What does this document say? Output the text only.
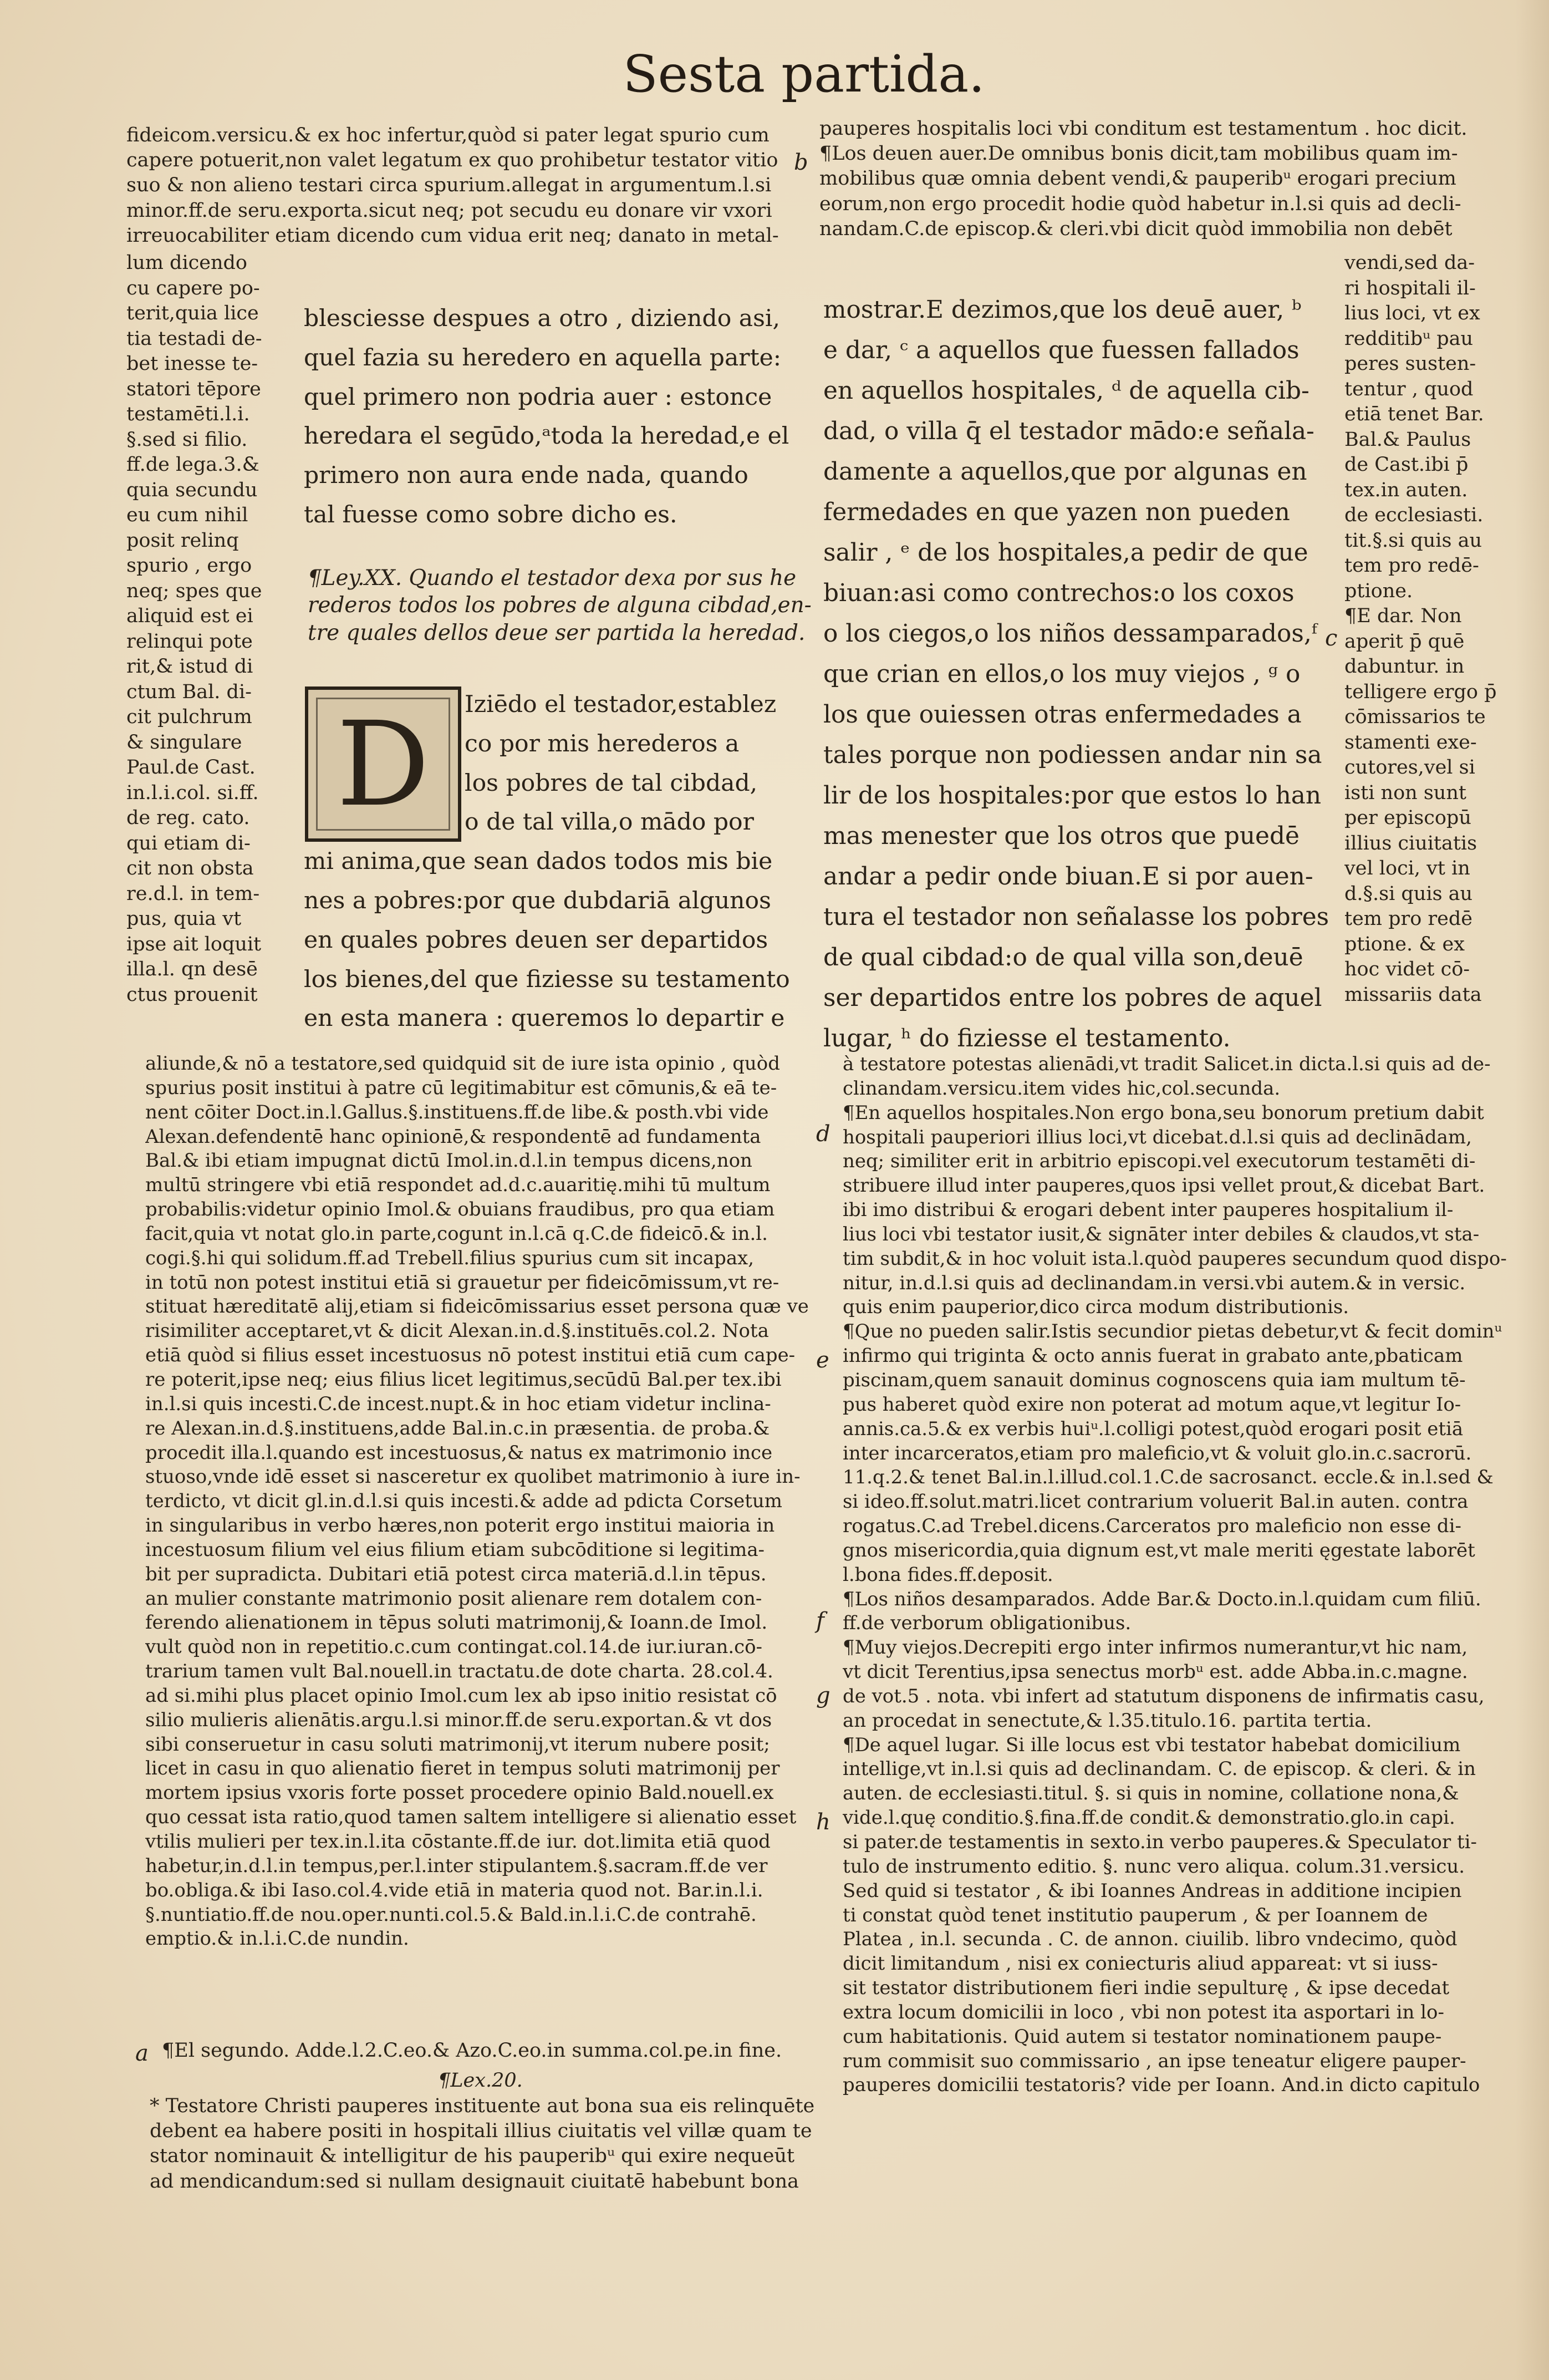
Sesta partida.
fideicom.versicu.& ex hoc infertur,quòd si pater legat spurio cum
capere potuerit,non valet legatum ex quo prohibetur testator vitio
suo & non alieno testari circa spurium.allegat in argumentum.l.si
minor.ff.de seru.exporta.sicut neq; pot secudu eu donare vir vxori
irreuocabiliter etiam dicendo cum vidua erit neq; danato in metal-
lum dicendo
cu capere po-
terit,quia lice
tia testadi de-
bet inesse te-
statori tēpore
testamēti.l.i.
§.sed si filio.
ff.de lega.3.&
quia secundu
eu cum nihil
posit relinq
spurio , ergo
neq; spes que
aliquid est ei
relinqui pote
rit,& istud di
ctum Bal. di-
cit pulchrum
& singulare
Paul.de Cast.
in.l.i.col. si.ff.
de reg. cato.
qui etiam di-
cit non obsta
re.d.l. in tem-
pus, quia vt
ipse ait loquit
illa.l. qn desē
ctus prouenit
blesciesse despues a otro , diziendo asi,
quel fazia su heredero en aquella parte:
quel primero non podria auer : estonce
heredara el segūdo,ᵃtoda la heredad,e el
primero non aura ende nada, quando
tal fuesse como sobre dicho es.
¶Ley.XX. Quando el testador dexa por sus he
rederos todos los pobres de alguna cibdad,en-
tre quales dellos deue ser partida la heredad.
D	Iziēdo el testador,establez
co por mis herederos a
los pobres de tal cibdad,
o de tal villa,o mādo por
mi anima,que sean dados todos mis bie
nes a pobres:por que dubdariā algunos
en quales pobres deuen ser departidos
los bienes,del que fiziesse su testamento
en esta manera : queremos lo departir e
aliunde,& nō a testatore,sed quidquid sit de iure ista opinio , quòd
spurius posit institui à patre cū legitimabitur est cōmunis,& eā te-
nent cōiter Doct.in.l.Gallus.§.instituens.ff.de libe.& posth.vbi vide
Alexan.defendentē hanc opinionē,& respondentē ad fundamenta
Bal.& ibi etiam impugnat dictū Imol.in.d.l.in tempus dicens,non
multū stringere vbi etiā respondet ad.d.c.auaritię.mihi tū multum
probabilis:videtur opinio Imol.& obuians fraudibus, pro qua etiam
facit,quia vt notat glo.in parte,cogunt in.l.cā q.C.de fideicō.& in.l.
cogi.§.hi qui solidum.ff.ad Trebell.filius spurius cum sit incapax,
in totū non potest institui etiā si grauetur per fideicōmissum,vt re-
stituat hæreditatē alij,etiam si fideicōmissarius esset persona quæ ve
risimiliter acceptaret,vt & dicit Alexan.in.d.§.instituēs.col.2. Nota
etiā quòd si filius esset incestuosus nō potest institui etiā cum cape-
re poterit,ipse neq; eius filius licet legitimus,secūdū Bal.per tex.ibi
in.l.si quis incesti.C.de incest.nupt.& in hoc etiam videtur inclina-
re Alexan.in.d.§.instituens,adde Bal.in.c.in præsentia. de proba.&
procedit illa.l.quando est incestuosus,& natus ex matrimonio ince
stuoso,vnde idē esset si nasceretur ex quolibet matrimonio à iure in-
terdicto, vt dicit gl.in.d.l.si quis incesti.& adde ad pdicta Corsetum
in singularibus in verbo hæres,non poterit ergo institui maioria in
incestuosum filium vel eius filium etiam subcōditione si legitima-
bit per supradicta. Dubitari etiā potest circa materiā.d.l.in tēpus.
an mulier constante matrimonio posit alienare rem dotalem con-
ferendo alienationem in tēpus soluti matrimonij,& Ioann.de Imol.
vult quòd non in repetitio.c.cum contingat.col.14.de iur.iuran.cō-
trarium tamen vult Bal.nouell.in tractatu.de dote charta. 28.col.4.
ad si.mihi plus placet opinio Imol.cum lex ab ipso initio resistat cō
silio mulieris alienātis.argu.l.si minor.ff.de seru.exportan.& vt dos
sibi conseruetur in casu soluti matrimonij,vt iterum nubere posit;
licet in casu in quo alienatio fieret in tempus soluti matrimonij per
mortem ipsius vxoris forte posset procedere opinio Bald.nouell.ex
quo cessat ista ratio,quod tamen saltem intelligere si alienatio esset
vtilis mulieri per tex.in.l.ita cōstante.ff.de iur. dot.limita etiā quod
habetur,in.d.l.in tempus,per.l.inter stipulantem.§.sacram.ff.de ver
bo.obliga.& ibi Iaso.col.4.vide etiā in materia quod not. Bar.in.l.i.
§.nuntiatio.ff.de nou.oper.nunti.col.5.& Bald.in.l.i.C.de contrahē.
emptio.& in.l.i.C.de nundin.
a ¶El segundo. Adde.l.2.C.eo.& Azo.C.eo.in summa.col.pe.in fine.
¶Lex.20.
* Testatore Christi pauperes instituente aut bona sua eis relinquēte
debent ea habere positi in hospitali illius ciuitatis vel villæ quam te
stator nominauit & intelligitur de his pauperibᵘ qui exire nequeūt
ad mendicandum:sed si nullam designauit ciuitatē habebunt bona
b
pauperes hospitalis loci vbi conditum est testamentum . hoc dicit.
¶Los deuen auer.De omnibus bonis dicit,tam mobilibus quam im-
mobilibus quæ omnia debent vendi,& pauperibᵘ erogari precium
eorum,non ergo procedit hodie quòd habetur in.l.si quis ad decli-
nandam.C.de episcop.& cleri.vbi dicit quòd immobilia non debēt
mostrar.E dezimos,que los deuē auer, ᵇ
e dar, ᶜ a aquellos que fuessen fallados
en aquellos hospitales, ᵈ de aquella cib-
dad, o villa q̄ el testador mādo:e señala-
damente a aquellos,que por algunas en
fermedades en que yazen non pueden
salir , ᵉ de los hospitales,a pedir de que
biuan:asi como contrechos:o los coxos
o los ciegos,o los niños dessamparados,ᶠ
que crian en ellos,o los muy viejos , ᵍ o
los que ouiessen otras enfermedades a
tales porque non podiessen andar nin sa
lir de los hospitales:por que estos lo han
mas menester que los otros que puedē
andar a pedir onde biuan.E si por auen-
tura el testador non señalasse los pobres
de qual cibdad:o de qual villa son,deuē
ser departidos entre los pobres de aquel
lugar, ʰ do fiziesse el testamento.
c
vendi,sed da-
ri hospitali il-
lius loci, vt ex
redditibᵘ pau
peres susten-
tentur , quod
etiā tenet Bar.
Bal.& Paulus
de Cast.ibi p̄
tex.in auten.
de ecclesiasti.
tit.§.si quis au
tem pro redē-
ptione.
¶E dar. Non
aperit p̄ quē
dabuntur. in
telligere ergo p̄
cōmissarios te
stamenti exe-
cutores,vel si
isti non sunt
per episcopū
illius ciuitatis
vel loci, vt in
d.§.si quis au
tem pro redē
ptione. & ex
hoc videt cō-
missariis data
à testatore potestas alienādi,vt tradit Salicet.in dicta.l.si quis ad de-
clinandam.versicu.item vides hic,col.secunda.
¶En aquellos hospitales.Non ergo bona,seu bonorum pretium dabit
hospitali pauperiori illius loci,vt dicebat.d.l.si quis ad declinādam,
neq; similiter erit in arbitrio episcopi.vel executorum testamēti di-
stribuere illud inter pauperes,quos ipsi vellet prout,& dicebat Bart.
ibi imo distribui & erogari debent inter pauperes hospitalium il-
lius loci vbi testator iusit,& signāter inter debiles & claudos,vt sta-
tim subdit,& in hoc voluit ista.l.quòd pauperes secundum quod dispo-
nitur, in.d.l.si quis ad declinandam.in versi.vbi autem.& in versic.
quis enim pauperior,dico circa modum distributionis.
¶Que no pueden salir.Istis secundior pietas debetur,vt & fecit dominᵘ
infirmo qui triginta & octo annis fuerat in grabato ante,pbaticam
piscinam,quem sanauit dominus cognoscens quia iam multum tē-
pus haberet quòd exire non poterat ad motum aque,vt legitur Io-
annis.ca.5.& ex verbis huiᵘ.l.colligi potest,quòd erogari posit etiā
inter incarceratos,etiam pro maleficio,vt & voluit glo.in.c.sacrorū.
11.q.2.& tenet Bal.in.l.illud.col.1.C.de sacrosanct. eccle.& in.l.sed &
si ideo.ff.solut.matri.licet contrarium voluerit Bal.in auten. contra
rogatus.C.ad Trebel.dicens.Carceratos pro maleficio non esse di-
gnos misericordia,quia dignum est,vt male meriti ęgestate laborēt
l.bona fides.ff.deposit.
¶Los niños desamparados. Adde Bar.& Docto.in.l.quidam cum filiū.
ff.de verborum obligationibus.
¶Muy viejos.Decrepiti ergo inter infirmos numerantur,vt hic nam,
vt dicit Terentius,ipsa senectus morbᵘ est. adde Abba.in.c.magne.
de vot.5 . nota. vbi infert ad statutum disponens de infirmatis casu,
an procedat in senectute,& l.35.titulo.16. partita tertia.
¶De aquel lugar. Si ille locus est vbi testator habebat domicilium
intellige,vt in.l.si quis ad declinandam. C. de episcop. & cleri. & in
auten. de ecclesiasti.titul. §. si quis in nomine, collatione nona,&
vide.l.quę conditio.§.fina.ff.de condit.& demonstratio.glo.in capi.
si pater.de testamentis in sexto.in verbo pauperes.& Speculator ti-
tulo de instrumento editio. §. nunc vero aliqua. colum.31.versicu.
Sed quid si testator , & ibi Ioannes Andreas in additione incipien
ti constat quòd tenet institutio pauperum , & per Ioannem de
Platea , in.l. secunda . C. de annon. ciuilib. libro vndecimo, quòd
dicit limitandum , nisi ex coniecturis aliud appareat: vt si iuss-
sit testator distributionem fieri indie sepulturę , & ipse decedat
extra locum domicilii in loco , vbi non potest ita asportari in lo-
cum habitationis. Quid autem si testator nominationem paupe-
rum commisit suo commissario , an ipse teneatur eligere pauper-
pauperes domicilii testatoris? vide per Ioann. And.in dicto capitulo
d
e
f
g
h
